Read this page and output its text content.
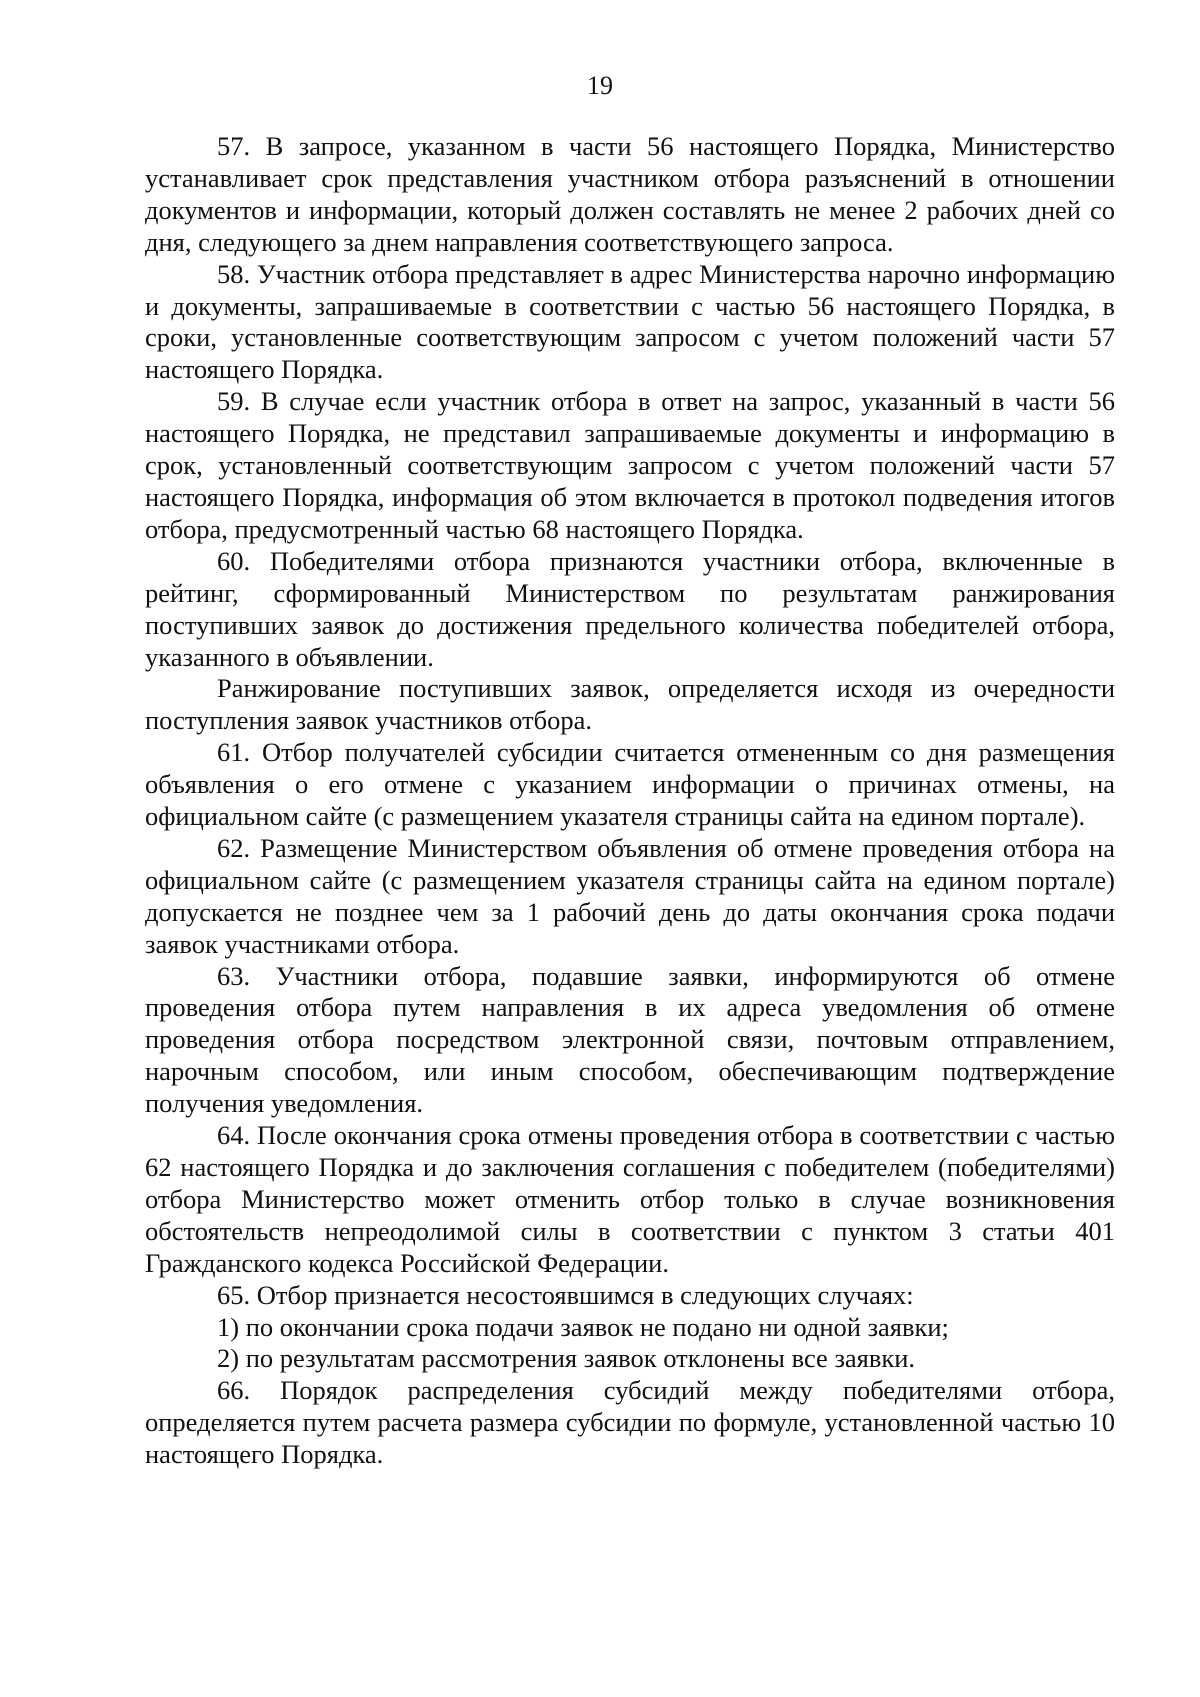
19

57. В запросе, указанном в части 56 настоящего Порядка, Министерство устанавливает срок представления участником отбора разъяснений в отношении документов и информации, который должен составлять не менее 2 рабочих дней со дня, следующего за днем направления соответствующего запроса.

58. Участник отбора представляет в адрес Министерства нарочно информацию и документы, запрашиваемые в соответствии с частью 56 настоящего Порядка, в сроки, установленные соответствующим запросом с учетом положений части 57 настоящего Порядка.

59. В случае если участник отбора в ответ на запрос, указанный в части 56 настоящего Порядка, не представил запрашиваемые документы и информацию в срок, установленный соответствующим запросом с учетом положений части 57 настоящего Порядка, информация об этом включается в протокол подведения итогов отбора, предусмотренный частью 68 настоящего Порядка.

60. Победителями отбора признаются участники отбора, включенные в рейтинг, сформированный Министерством по результатам ранжирования поступивших заявок до достижения предельного количества победителей отбора, указанного в объявлении.

Ранжирование поступивших заявок, определяется исходя из очередности поступления заявок участников отбора.

61. Отбор получателей субсидии считается отмененным со дня размещения объявления о его отмене с указанием информации о причинах отмены, на официальном сайте (с размещением указателя страницы сайта на едином портале).

62. Размещение Министерством объявления об отмене проведения отбора на официальном сайте (с размещением указателя страницы сайта на едином портале) допускается не позднее чем за 1 рабочий день до даты окончания срока подачи заявок участниками отбора.

63. Участники отбора, подавшие заявки, информируются об отмене проведения отбора путем направления в их адреса уведомления об отмене проведения отбора посредством электронной связи, почтовым отправлением, нарочным способом, или иным способом, обеспечивающим подтверждение получения уведомления.

64. После окончания срока отмены проведения отбора в соответствии с частью 62 настоящего Порядка и до заключения соглашения с победителем (победителями) отбора Министерство может отменить отбор только в случае возникновения обстоятельств непреодолимой силы в соответствии с пунктом 3 статьи 401 Гражданского кодекса Российской Федерации.

65. Отбор признается несостоявшимся в следующих случаях:

1) по окончании срока подачи заявок не подано ни одной заявки;

2) по результатам рассмотрения заявок отклонены все заявки.

66. Порядок распределения субсидий между победителями отбора, определяется путем расчета размера субсидии по формуле, установленной частью 10 настоящего Порядка.
